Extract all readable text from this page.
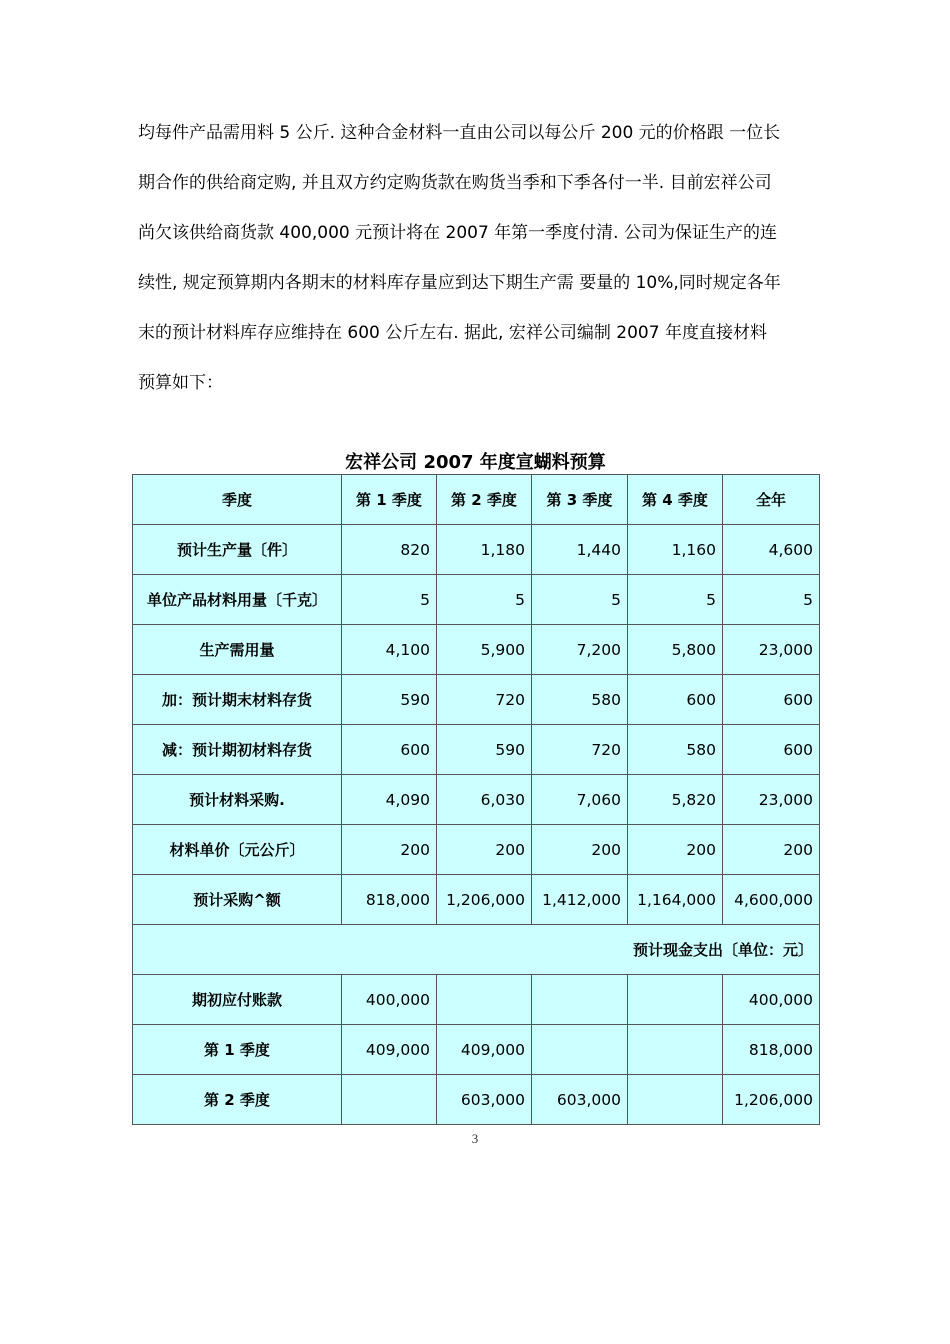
均每件产品需用料 5 公斤. 这种合金材料一直由公司以每公斤 200 元的价格跟 一位长
期合作的供给商定购, 并且双方约定购货款在购货当季和下季各付一半. 目前宏祥公司
尚欠该供给商货款 400,000 元预计将在 2007 年第一季度付清. 公司为保证生产的连
续性, 规定预算期内各期末的材料库存量应到达下期生产需 要量的 10%,同时规定各年
末的预计材料库存应维持在 600 公斤左右. 据此, 宏祥公司编制 2007 年度直接材料
预算如下：
宏祥公司 2007 年度宣蝴料预算
季度	第 1 季度	第 2 季度	第 3 季度	第 4 季度	全年
预计生产量〔件〕	820	1,180	1,440	1,160	4,600
单位产品材料用量〔千克〕	5	5	5	5	5
生产需用量	4,100	5,900	7,200	5,800	23,000
加：预计期末材料存货	590	720	580	600	600
减：预计期初材料存货	600	590	720	580	600
预计材料采购.	4,090	6,030	7,060	5,820	23,000
材料单价〔元公斤〕	200	200	200	200	200
预计采购^额	818,000	1,206,000	1,412,000	1,164,000	4,600,000
预计现金支出〔单位：元〕					
期初应付账款	400,000				400,000
第 1 季度	409,000	409,000			818,000
第 2 季度		603,000	603,000		1,206,000
3
